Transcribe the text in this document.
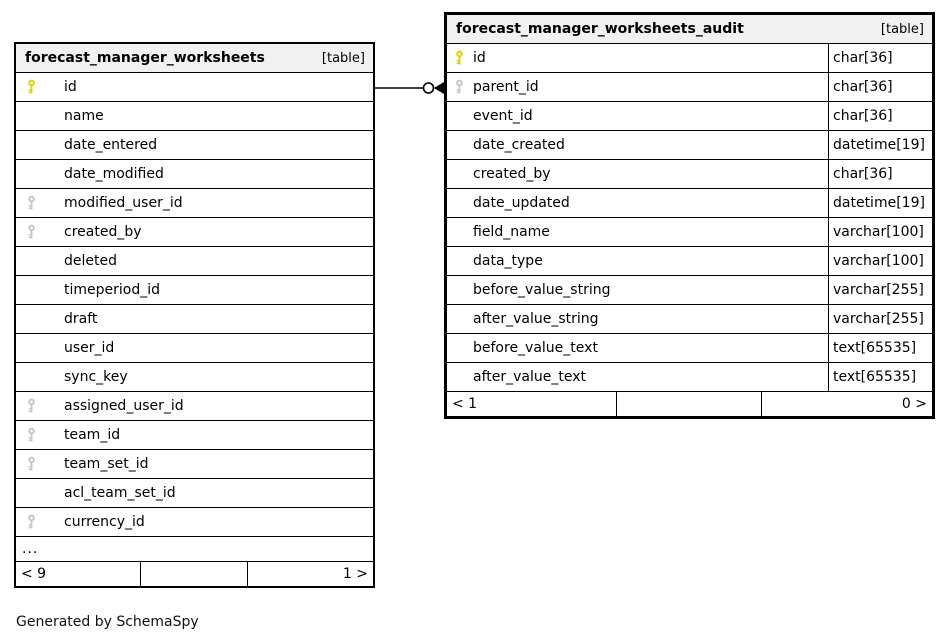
forecast_manager_worksheets	[table]
id
name
date_entered
date_modified
modified_user_id
created_by
deleted
timeperiod_id
draft
user_id
sync_key
assigned_user_id
team_id
team_set_id
acl_team_set_id
currency_id
...
< 9	1 >
forecast_manager_worksheets_audit	[table]
id	char[36]
parent_id	char[36]
event_id	char[36]
date_created	datetime[19]
created_by	char[36]
date_updated	datetime[19]
field_name	varchar[100]
data_type	varchar[100]
before_value_string	varchar[255]
after_value_string	varchar[255]
before_value_text	text[65535]
after_value_text	text[65535]
< 1	0 >
Generated by SchemaSpy
